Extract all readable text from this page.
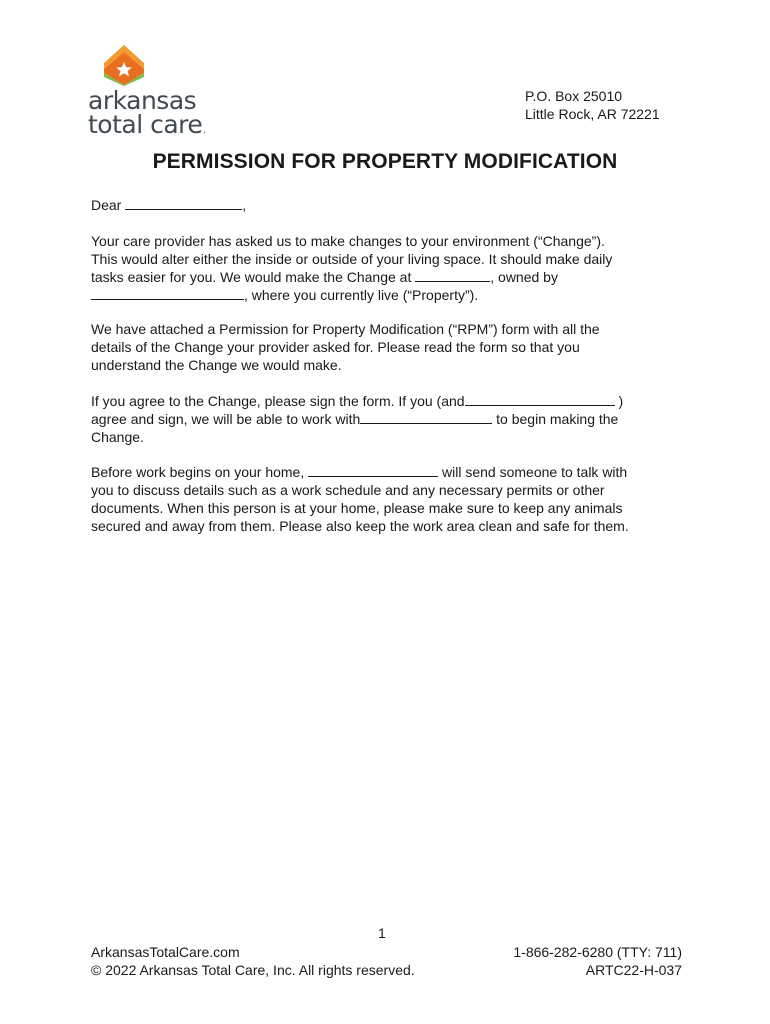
arkansas
total care.
P.O. Box 25010
Little Rock, AR 72221
PERMISSION FOR PROPERTY MODIFICATION
Dear	,
Your care provider has asked us to make changes to your environment (“Change”).
This would alter either the inside or outside of your living space. It should make daily
tasks easier for you. We would make the Change at	, owned by
, where you currently live (“Property”).
We have attached a Permission for Property Modification (“RPM”) form with all the
details of the Change your provider asked for. Please read the form so that you
understand the Change we would make.
If you agree to the Change, please sign the form. If you (and	)
agree and sign, we will be able to work with	to begin making the
Change.
Before work begins on your home,	will send someone to talk with
you to discuss details such as a work schedule and any necessary permits or other
documents. When this person is at your home, please make sure to keep any animals
secured and away from them. Please also keep the work area clean and safe for them.
1
ArkansasTotalCare.com
© 2022 Arkansas Total Care, Inc. All rights reserved.
1-866-282-6280 (TTY: 711)
ARTC22-H-037
